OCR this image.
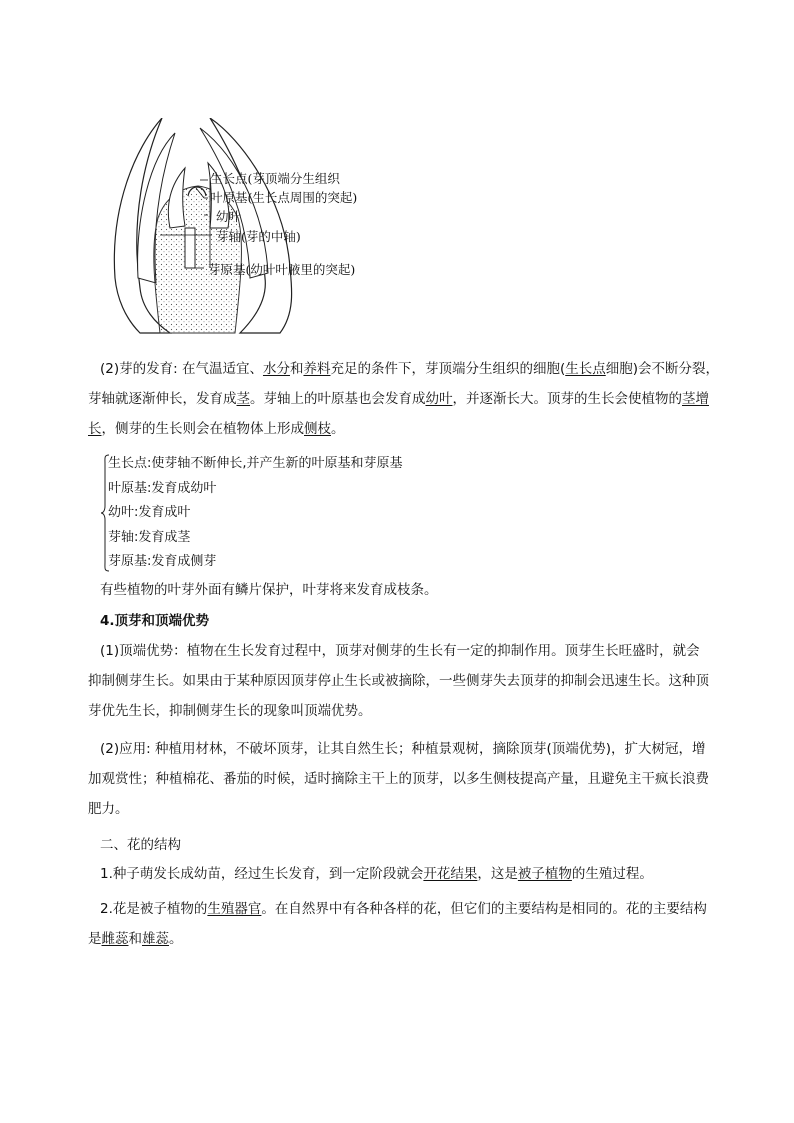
生长点(芽顶端分生组织
叶原基(生长点周围的突起)
幼叶
芽轴(芽的中轴)
芽原基(幼叶叶腋里的突起)
(2)芽的发育: 在气温适宜、水分和养料充足的条件下，芽顶端分生组织的细胞(生长点细胞)会不断分裂，
芽轴就逐渐伸长，发育成茎。芽轴上的叶原基也会发育成幼叶，并逐渐长大。顶芽的生长会使植物的茎增
长，侧芽的生长则会在植物体上形成侧枝。
生长点:使芽轴不断伸长,并产生新的叶原基和芽原基
叶原基:发育成幼叶
幼叶:发育成叶
芽轴:发育成茎
芽原基:发育成侧芽
有些植物的叶芽外面有鳞片保护，叶芽将来发育成枝条。
4.顶芽和顶端优势
(1)顶端优势：植物在生长发育过程中，顶芽对侧芽的生长有一定的抑制作用。顶芽生长旺盛时，就会
抑制侧芽生长。如果由于某种原因顶芽停止生长或被摘除，一些侧芽失去顶芽的抑制会迅速生长。这种顶
芽优先生长，抑制侧芽生长的现象叫顶端优势。
(2)应用: 种植用材林，不破坏顶芽，让其自然生长；种植景观树，摘除顶芽(顶端优势)，扩大树冠，增
加观赏性；种植棉花、番茄的时候，适时摘除主干上的顶芽，以多生侧枝提高产量，且避免主干疯长浪费
肥力。
二、花的结构
1.种子萌发长成幼苗，经过生长发育，到一定阶段就会开花结果，这是被子植物的生殖过程。
2.花是被子植物的生殖器官。在自然界中有各种各样的花，但它们的主要结构是相同的。花的主要结构
是雌蕊和雄蕊。
